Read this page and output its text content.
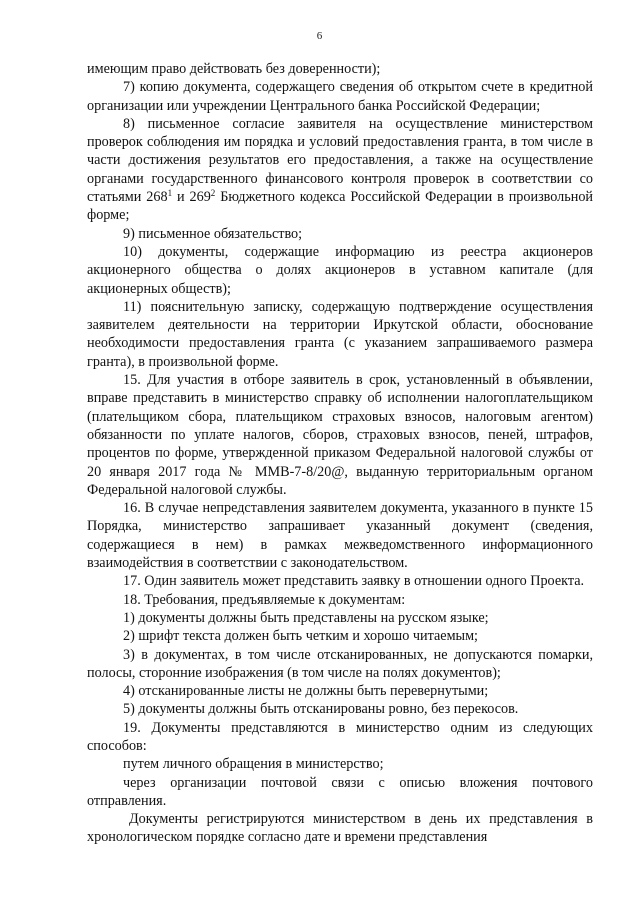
6

имеющим право действовать без доверенности);

7) копию документа, содержащего сведения об открытом счете в кредитной организации или учреждении Центрального банка Российской Федерации;

8) письменное согласие заявителя на осуществление министерством проверок соблюдения им порядка и условий предоставления гранта, в том числе в части достижения результатов его предоставления, а также на осуществление органами государственного финансового контроля проверок в соответствии со статьями $268^1$ и $269^2$ Бюджетного кодекса Российской Федерации в произвольной форме;

9) письменное обязательство;

10) документы, содержащие информацию из реестра акционеров акционерного общества о долях акционеров в уставном капитале (для акционерных обществ);

11) пояснительную записку, содержащую подтверждение осуществления заявителем деятельности на территории Иркутской области, обоснование необходимости предоставления гранта (с указанием запрашиваемого размера гранта), в произвольной форме.

15. Для участия в отборе заявитель в срок, установленный в объявлении, вправе представить в министерство справку об исполнении налогоплательщиком (плательщиком сбора, плательщиком страховых взносов, налоговым агентом) обязанности по уплате налогов, сборов, страховых взносов, пеней, штрафов, процентов по форме, утвержденной приказом Федеральной налоговой службы от 20 января 2017 года № ММВ-7-8/20@, выданную территориальным органом Федеральной налоговой службы.

16. В случае непредставления заявителем документа, указанного в пункте 15 Порядка, министерство запрашивает указанный документ (сведения, содержащиеся в нем) в рамках межведомственного информационного взаимодействия в соответствии с законодательством.

17. Один заявитель может представить заявку в отношении одного Проекта.

18. Требования, предъявляемые к документам:

1) документы должны быть представлены на русском языке;

2) шрифт текста должен быть четким и хорошо читаемым;

3) в документах, в том числе отсканированных, не допускаются помарки, полосы, сторонние изображения (в том числе на полях документов);

4) отсканированные листы не должны быть перевернутыми;

5) документы должны быть отсканированы ровно, без перекосов.

19. Документы представляются в министерство одним из следующих способов:

путем личного обращения в министерство;

через организации почтовой связи с описью вложения почтового отправления.

Документы регистрируются министерством в день их представления в хронологическом порядке согласно дате и времени представления
